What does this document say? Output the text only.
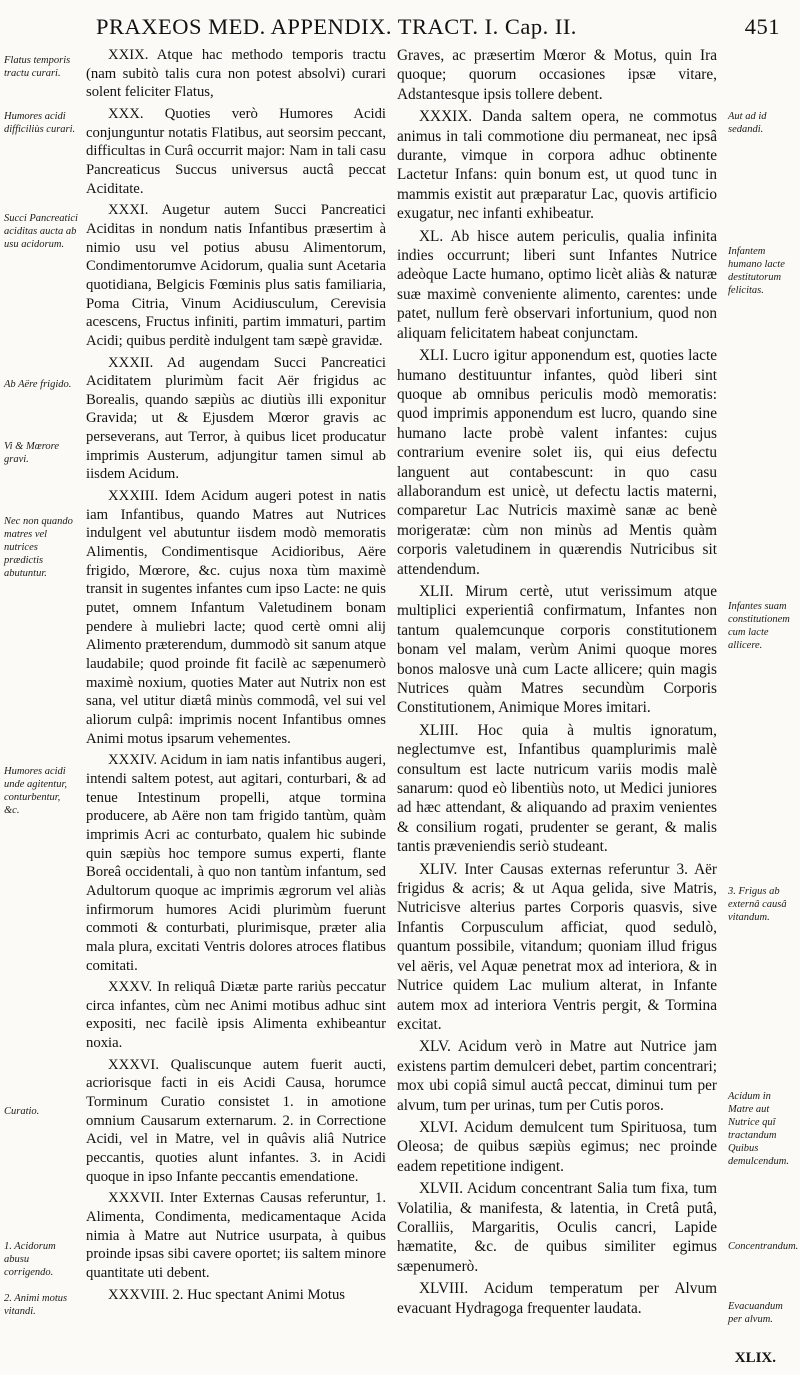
PRAXEOS MED. APPENDIX. TRACT. I. Cap. II.	451

XXIX. Atque hac methodo temporis tractu (nam subitò talis cura non potest absolvi) curari solent feliciter Flatus,

XXX. Quoties verò Humores Acidi conjunguntur notatis Flatibus, aut seorsim peccant, difficultas in Curâ occurrit major: Nam in tali casu Pancreaticus Succus universus auctâ peccat Aciditate.

XXXI. Augetur autem Succi Pancreatici Aciditas in nondum natis Infantibus præsertim à nimio usu vel potius abusu Alimentorum, Condimentorumve Acidorum, qualia sunt Acetaria quotidiana, Belgicis Fœminis plus satis familiaria, Poma Citria, Vinum Acidiusculum, Cerevisia acescens, Fructus infiniti, partim immaturi, partim Acidi; quibus perditè indulgent tam sæpè gravidæ.

XXXII. Ad augendam Succi Pancreatici Aciditatem plurimùm facit Aër frigidus ac Borealis, quando sæpiùs ac diutiùs illi exponitur Gravida; ut & Ejusdem Mœror gravis ac perseverans, aut Terror, à quibus licet producatur imprimis Austerum, adjungitur tamen simul ab iisdem Acidum.

XXXIII. Idem Acidum augeri potest in natis iam Infantibus, quando Matres aut Nutrices indulgent vel abutuntur iisdem modò memoratis Alimentis, Condimentisque Acidioribus, Aëre frigido, Mœrore, &c. cujus noxa tùm maximè transit in sugentes infantes cum ipso Lacte: ne quis putet, omnem Infantum Valetudinem bonam pendere à muliebri lacte; quod certè omni alij Alimento præterendum, dummodò sit sanum atque laudabile; quod proinde fit facilè ac sæpenumerò maximè noxium, quoties Mater aut Nutrix non est sana, vel utitur diætâ minùs commodâ, vel sui vel aliorum culpâ: imprimis nocent Infantibus omnes Animi motus ipsarum vehementes.

XXXIV. Acidum in iam natis infantibus augeri, intendi saltem potest, aut agitari, conturbari, & ad tenue Intestinum propelli, atque tormina producere, ab Aëre non tam frigido tantùm, quàm imprimis Acri ac conturbato, qualem hic subinde quin sæpiùs hoc tempore sumus experti, flante Boreâ occidentali, à quo non tantùm infantum, sed Adultorum quoque ac imprimis ægrorum vel aliàs infirmorum humores Acidi plurimùm fuerunt commoti & conturbati, plurimisque, præter alia mala plura, excitati Ventris dolores atroces flatibus comitati.

XXXV. In reliquâ Diætæ parte rariùs peccatur circa infantes, cùm nec Animi motibus adhuc sint expositi, nec facilè ipsis Alimenta exhibeantur noxia.

XXXVI. Qualiscunque autem fuerit aucti, acriorisque facti in eis Acidi Causa, horumce Torminum Curatio consistet 1. in amotione omnium Causarum externarum. 2. in Correctione Acidi, vel in Matre, vel in quâvis aliâ Nutrice peccantis, quoties alunt infantes. 3. in Acidi quoque in ipso Infante peccantis emendatione.

XXXVII. Inter Externas Causas referuntur, 1. Alimenta, Condimenta, medicamentaque Acida nimia à Matre aut Nutrice usurpata, à quibus proinde ipsas sibi cavere oportet; iis saltem minore quantitate uti debent.

XXXVIII. 2. Huc spectant Animi Motus

Graves, ac præsertim Mœror & Motus, quin Ira quoque; quorum occasiones ipsæ vitare, Adstantesque ipsis tollere debent.

XXXIX. Danda saltem opera, ne commotus animus in tali commotione diu permaneat, nec ipsâ durante, vimque in corpora adhuc obtinente Lactetur Infans: quin bonum est, ut quod tunc in mammis existit aut præparatur Lac, quovis artificio exugatur, nec infanti exhibeatur.

XL. Ab hisce autem periculis, qualia infinita indies occurrunt; liberi sunt Infantes Nutrice adeòque Lacte humano, optimo licèt aliàs & naturæ suæ maximè conveniente alimento, carentes: unde patet, nullum ferè observari infortunium, quod non aliquam felicitatem habeat conjunctam.

XLI. Lucro igitur apponendum est, quoties lacte humano destituuntur infantes, quòd liberi sint quoque ab omnibus periculis modò memoratis: quod imprimis apponendum est lucro, quando sine humano lacte probè valent infantes: cujus contrarium evenire solet iis, qui eius defectu languent aut contabescunt: in quo casu allaborandum est unicè, ut defectu lactis materni, comparetur Lac Nutricis maximè sanæ ac benè morigeratæ: cùm non minùs ad Mentis quàm corporis valetudinem in quærendis Nutricibus sit attendendum.

XLII. Mirum certè, utut verissimum atque multiplici experientiâ confirmatum, Infantes non tantum qualemcunque corporis constitutionem bonam vel malam, verùm Animi quoque mores bonos malosve unà cum Lacte allicere; quin magis Nutrices quàm Matres secundùm Corporis Constitutionem, Animique Mores imitari.

XLIII. Hoc quia à multis ignoratum, neglectumve est, Infantibus quamplurimis malè consultum est lacte nutricum variis modis malè sanarum: quod eò libentiùs noto, ut Medici juniores ad hæc attendant, & aliquando ad praxim venientes & consilium rogati, prudenter se gerant, & malis tantis præveniendis seriò studeant.

XLIV. Inter Causas externas referuntur 3. Aër frigidus & acris; & ut Aqua gelida, sive Matris, Nutricisve alterius partes Corporis quasvis, sive Infantis Corpusculum afficiat, quod sedulò, quantum possibile, vitandum; quoniam illud frigus vel aëris, vel Aquæ penetrat mox ad interiora, & in Nutrice quidem Lac mulium alterat, in Infante autem mox ad interiora Ventris pergit, & Tormina excitat.

XLV. Acidum verò in Matre aut Nutrice jam existens partim demulceri debet, partim concentrari; mox ubi copiâ simul auctâ peccat, diminui tum per alvum, tum per urinas, tum per Cutis poros.

XLVI. Acidum demulcent tum Spirituosa, tum Oleosa; de quibus sæpiùs egimus; nec proinde eadem repetitione indigent.

XLVII. Acidum concentrant Salia tum fixa, tum Volatilia, & manifesta, & latentia, in Cretâ putâ, Coralliis, Margaritis, Oculis cancri, Lapide hæmatite, &c. de quibus similiter egimus sæpenumerò.

XLVIII. Acidum temperatum per Alvum evacuant Hydragoga frequenter laudata.

Flatus temporis tractu curari.
Humores acidi difficiliùs curari.
Succi Pancreatici aciditas aucta ab usu acidorum.
Ab Aëre frigido.
Vi & Mœrore gravi.
Nec non quando matres vel nutrices prædictis abutuntur.
Humores acidi unde agitentur, conturbentur, &c.
Curatio.
1. Acidorum abusu corrigendo.
2. Animi motus vitandi.
Aut ad id sedandi.
Infantem humano lacte destitutorum felicitas.
Infantes suam constitutionem cum lacte allicere.
3. Frigus ab externâ causâ vitandum.
Acidum in Matre aut Nutrice quî tractandum Quibus demulcendum.
Concentrandum.
Evacuandum per alvum.
XLIX.
